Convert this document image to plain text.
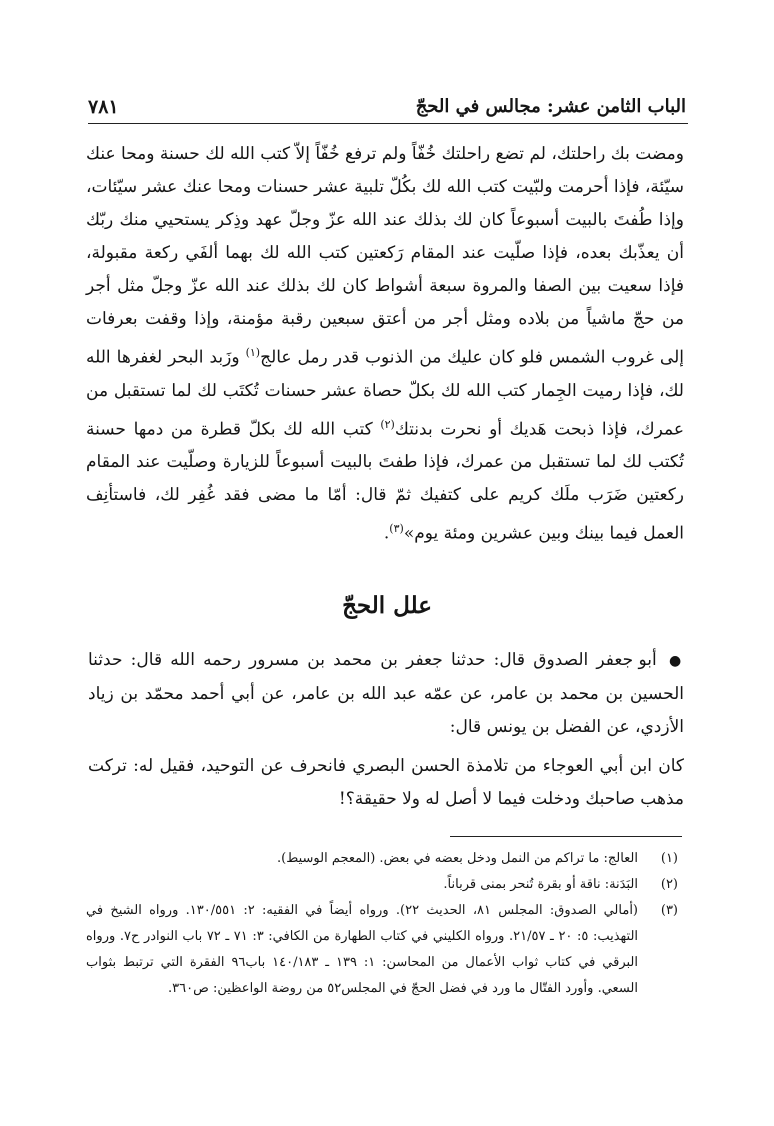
الباب الثامن عشر: مجالس في الحجّ
٧٨١
ومضت بك راحلتك، لم تضع راحلتك خُفّاً ولم ترفع خُفّاً إلاّ كتب الله لك حسنة ومحا عنك سيّئة، فإذا أحرمت ولبّيت كتب الله لك بكُلّ تلبية عشر حسنات ومحا عنك عشر سيّئات، وإذا طُفتَ بالبيت أسبوعاً كان لك بذلك عند الله عزّ وجلّ عهد وذِكر يستحيي منك ربّك أن يعذّبك بعده، فإذا صلّيت عند المقام رَكعتين كتب الله لك بهما ألفَي ركعة مقبولة، فإذا سعيت بين الصفا والمروة سبعة أشواط كان لك بذلك عند الله عزّ وجلّ مثل أجر من حجّ ماشياً من بلاده ومثل أجر من أعتق سبعين رقبة مؤمنة، وإذا وقفت بعرفات إلى غروب الشمس فلو كان عليك من الذنوب قدر رمل عالج$^{(١)}$ وزَبد البحر لغفرها الله لك، فإذا رميت الجِمار كتب الله لك بكلّ حصاة عشر حسنات تُكتَب لك لما تستقبل من عمرك، فإذا ذبحت هَديك أو نحرت بدنتك$^{(٢)}$ كتب الله لك بكلّ قطرة من دمها حسنة تُكتب لك لما تستقبل من عمرك، فإذا طفتَ بالبيت أسبوعاً للزيارة وصلّيت عند المقام ركعتين ضَرَب ملَك كريم على كتفيك ثمّ قال: أمّا ما مضى فقد غُفِر لك، فاستأنِف العمل فيما بينك وبين عشرين ومئة يوم»$^{(٣)}$.
علل الحجّ

● أبو جعفر الصدوق قال: حدثنا جعفر بن محمد بن مسرور رحمه الله قال: حدثنا الحسين بن محمد بن عامر، عن عمّه عبد الله بن عامر، عن أبي أحمد محمّد بن زياد الأزدي، عن الفضل بن يونس قال:

كان ابن أبي العوجاء من تلامذة الحسن البصري فانحرف عن التوحيد، فقيل له: تركت مذهب صاحبك ودخلت فيما لا أصل له ولا حقيقة؟!

(١)
العالج: ما تراكم من النمل ودخل بعضه في بعض. (المعجم الوسيط).
(٢)
البَدَنة: ناقة أو بقرة تُنحر بمنى قرباناً.
(٣)
(أمالي الصدوق: المجلس ٨١، الحديث ٢٢). ورواه أيضاً في الفقيه: ٢: ١٣٠/٥٥١. ورواه الشيخ في التهذيب: ٥: ٢٠ ـ ٢١/٥٧. ورواه الكليني في كتاب الطهارة من الكافي: ٣: ٧١ ـ ٧٢ باب النوادر ح٧. ورواه البرقي في كتاب ثواب الأعمال من المحاسن: ١: ١٣٩ ـ ١٤٠/١٨٣ باب٩٦ الفقرة التي ترتبط بثواب السعي. وأورد الفتّال ما ورد في فضل الحجّ في المجلس٥٢ من روضة الواعظين: ص٣٦٠.
